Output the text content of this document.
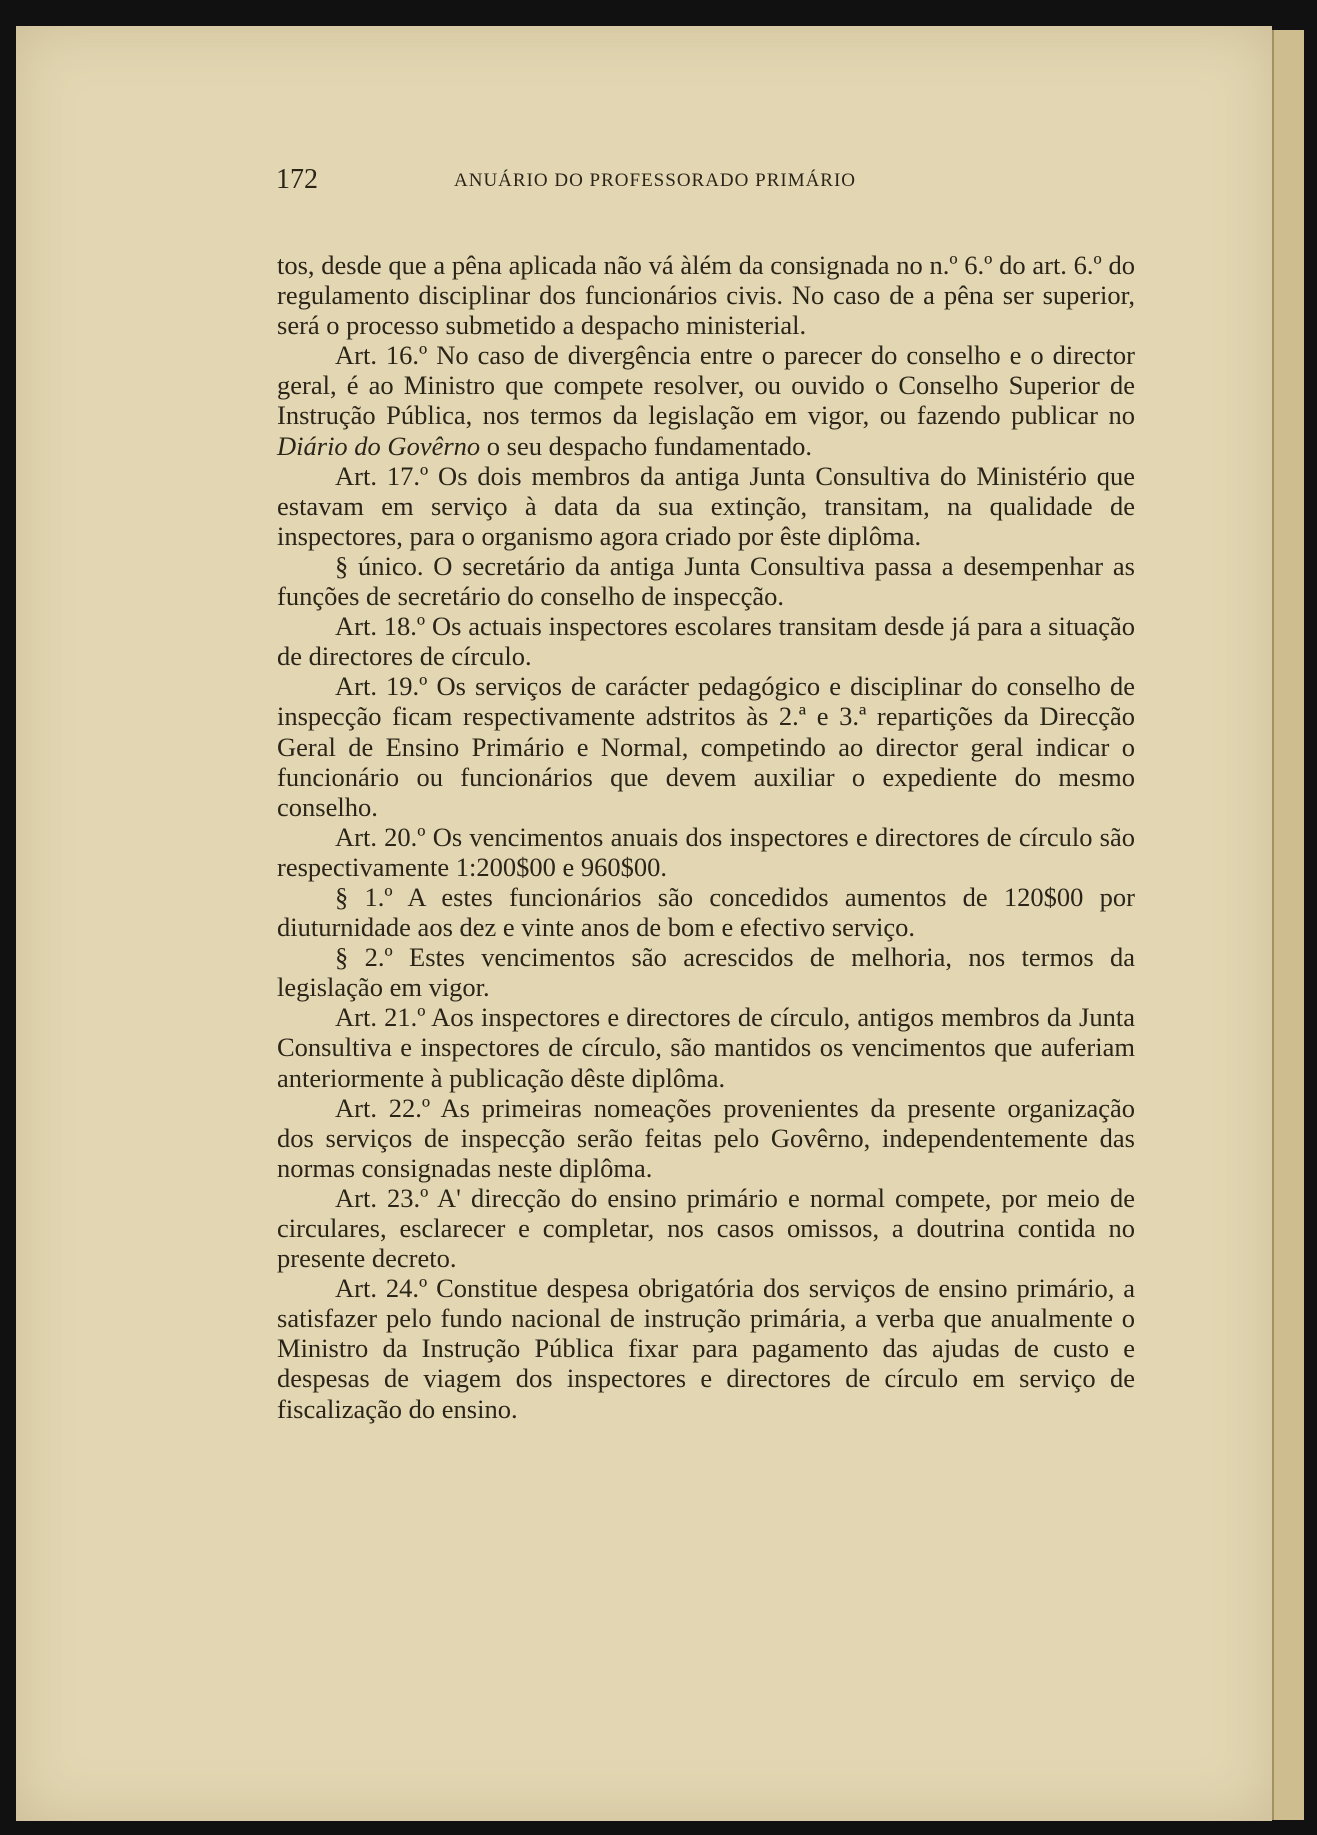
172	ANUÁRIO DO PROFESSORADO PRIMÁRIO

tos, desde que a pêna aplicada não vá àlém da consignada no n.º 6.º do art. 6.º do regulamento disciplinar dos funcionários civis. No caso de a pêna ser superior, será o processo submetido a despacho ministerial.

Art. 16.º No caso de divergência entre o parecer do conselho e o director geral, é ao Ministro que compete resolver, ou ouvido o Conselho Superior de Instrução Pública, nos termos da legislação em vigor, ou fazendo publicar no Diário do Govêrno o seu despacho fundamentado.

Art. 17.º Os dois membros da antiga Junta Consultiva do Ministério que estavam em serviço à data da sua extinção, transitam, na qualidade de inspectores, para o organismo agora criado por êste diplôma.

§ único. O secretário da antiga Junta Consultiva passa a desempenhar as funções de secretário do conselho de inspecção.

Art. 18.º Os actuais inspectores escolares transitam desde já para a situação de directores de círculo.

Art. 19.º Os serviços de carácter pedagógico e disciplinar do conselho de inspecção ficam respectivamente adstritos às 2.ª e 3.ª repartições da Direcção Geral de Ensino Primário e Normal, competindo ao director geral indicar o funcionário ou funcionários que devem auxiliar o expediente do mesmo conselho.

Art. 20.º Os vencimentos anuais dos inspectores e directores de círculo são respectivamente 1:200$00 e 960$00.

§ 1.º A estes funcionários são concedidos aumentos de 120$00 por diuturnidade aos dez e vinte anos de bom e efectivo serviço.

§ 2.º Estes vencimentos são acrescidos de melhoria, nos termos da legislação em vigor.

Art. 21.º Aos inspectores e directores de círculo, antigos membros da Junta Consultiva e inspectores de círculo, são mantidos os vencimentos que auferiam anteriormente à publicação dêste diplôma.

Art. 22.º As primeiras nomeações provenientes da presente organização dos serviços de inspecção serão feitas pelo Govêrno, independentemente das normas consignadas neste diplôma.

Art. 23.º A' direcção do ensino primário e normal compete, por meio de circulares, esclarecer e completar, nos casos omissos, a doutrina contida no presente decreto.

Art. 24.º Constitue despesa obrigatória dos serviços de ensino primário, a satisfazer pelo fundo nacional de instrução primária, a verba que anualmente o Ministro da Instrução Pública fixar para pagamento das ajudas de custo e despesas de viagem dos inspectores e directores de círculo em serviço de fiscalização do ensino.
